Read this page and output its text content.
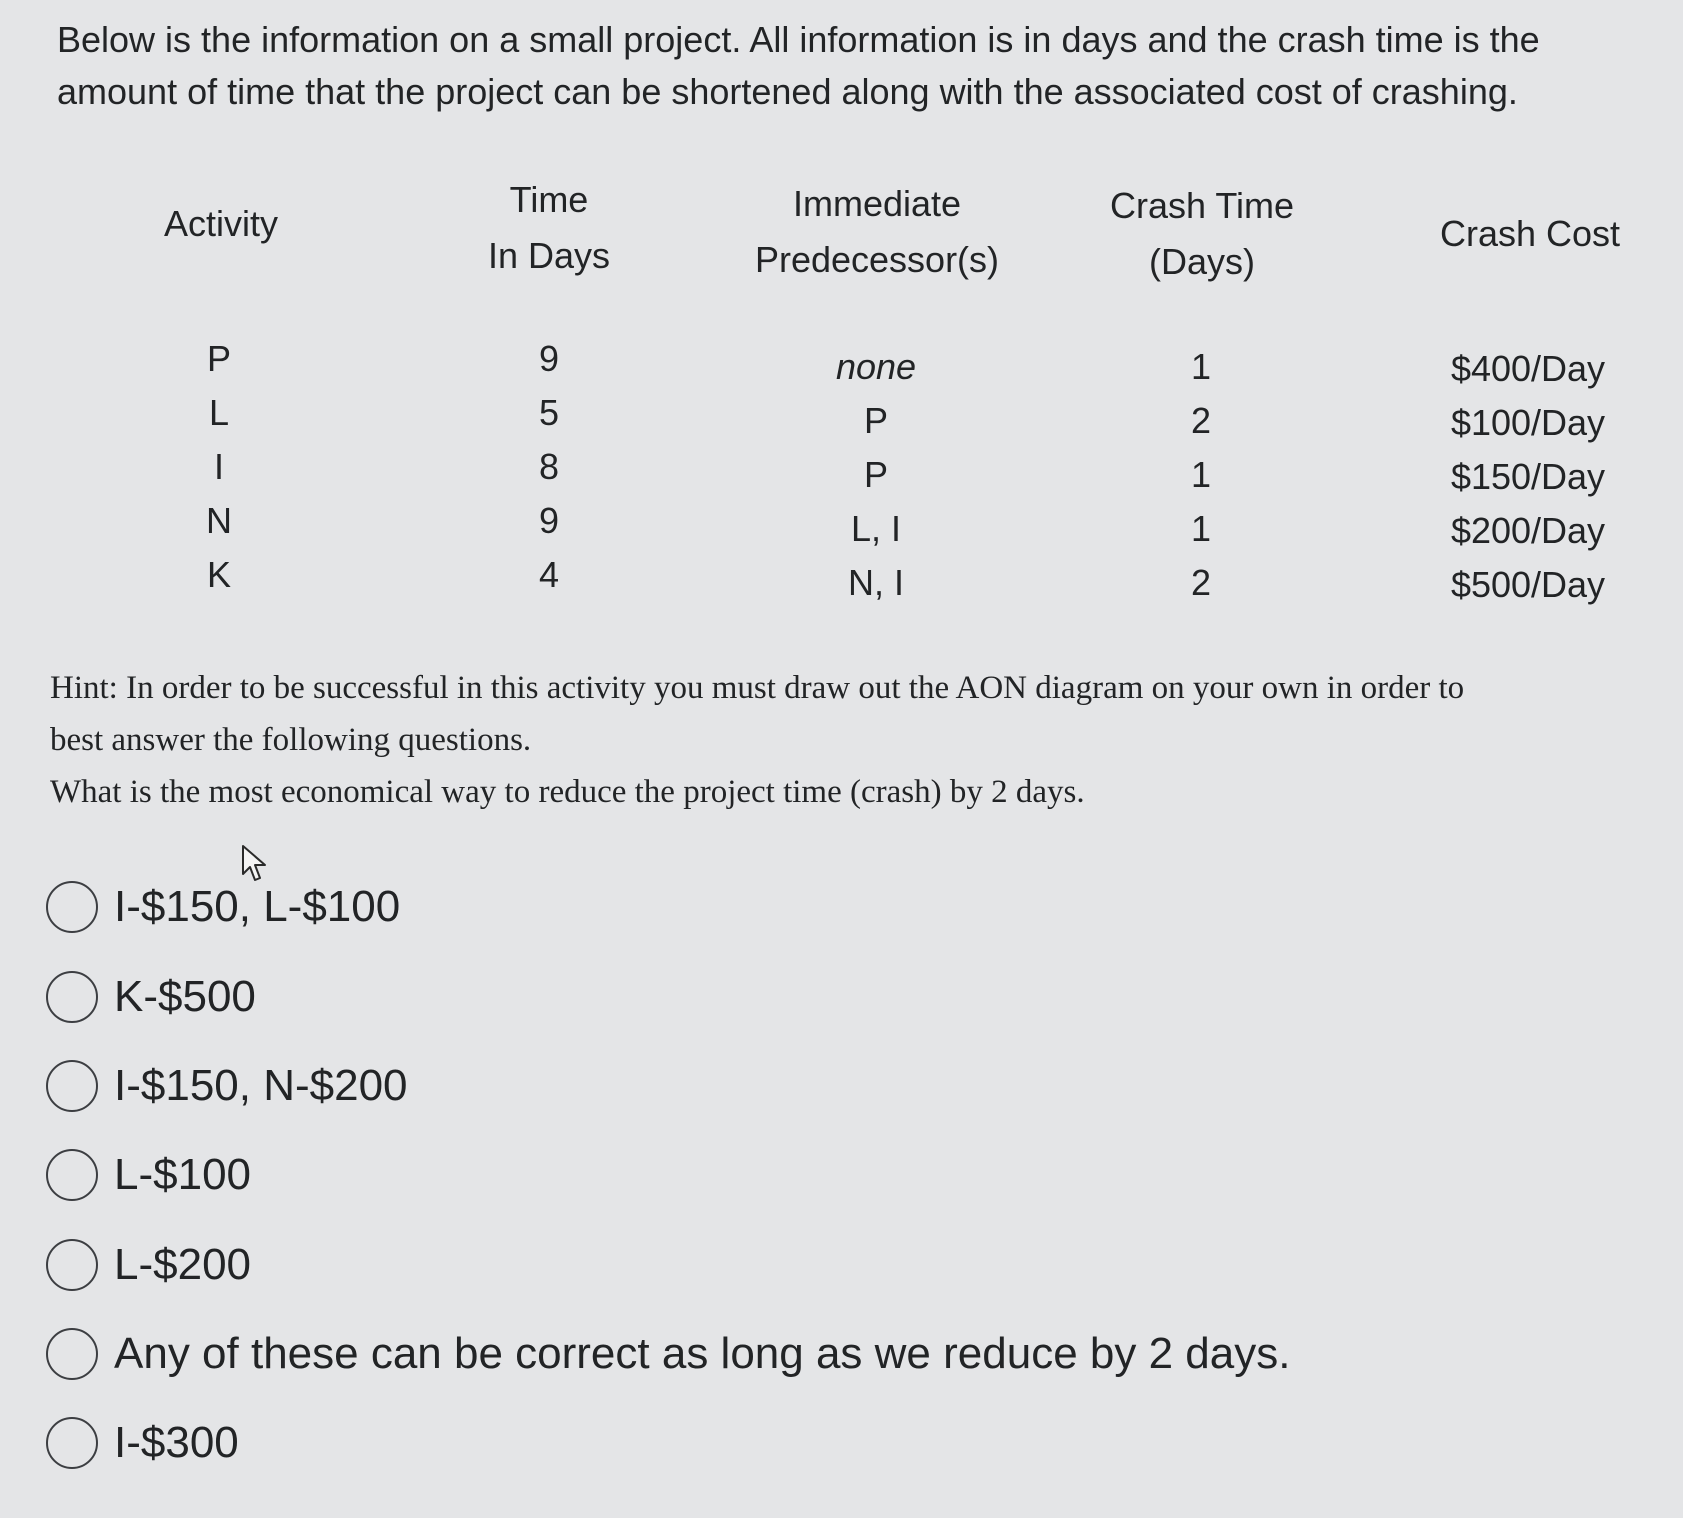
Below is the information on a small project. All information is in days and the crash time is the
amount of time that the project can be shortened along with the associated cost of crashing.
Activity
Time
In Days
Immediate
Predecessor(s)
Crash Time
(Days)
Crash Cost
P
L
I
N
K
9
5
8
9
4
none
P
P
L, I
N, I
1
2
1
1
2
$400/Day
$100/Day
$150/Day
$200/Day
$500/Day
Hint: In order to be successful in this activity you must draw out the AON diagram on your own in order to
best answer the following questions.
What is the most economical way to reduce the project time (crash) by 2 days.
I-$150, L-$100
K-$500
I-$150, N-$200
L-$100
L-$200
Any of these can be correct as long as we reduce by 2 days.
I-$300
